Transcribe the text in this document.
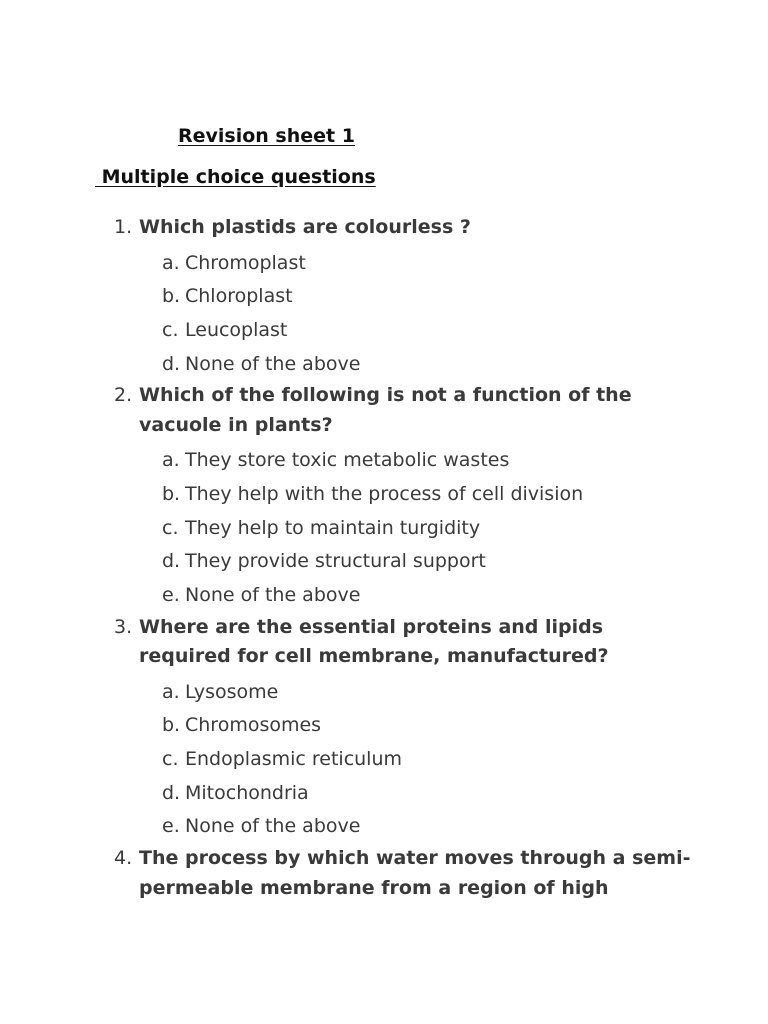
Revision sheet 1
Multiple choice questions
1. Which plastids are colourless ?
a. Chromoplast
b. Chloroplast
c. Leucoplast
d. None of the above
2. Which of the following is not a function of the vacuole in plants?
a. They store toxic metabolic wastes
b. They help with the process of cell division
c. They help to maintain turgidity
d. They provide structural support
e. None of the above
3. Where are the essential proteins and lipids required for cell membrane, manufactured?
a. Lysosome
b. Chromosomes
c. Endoplasmic reticulum
d. Mitochondria
e. None of the above
4. The process by which water moves through a semi-permeable membrane from a region of high
